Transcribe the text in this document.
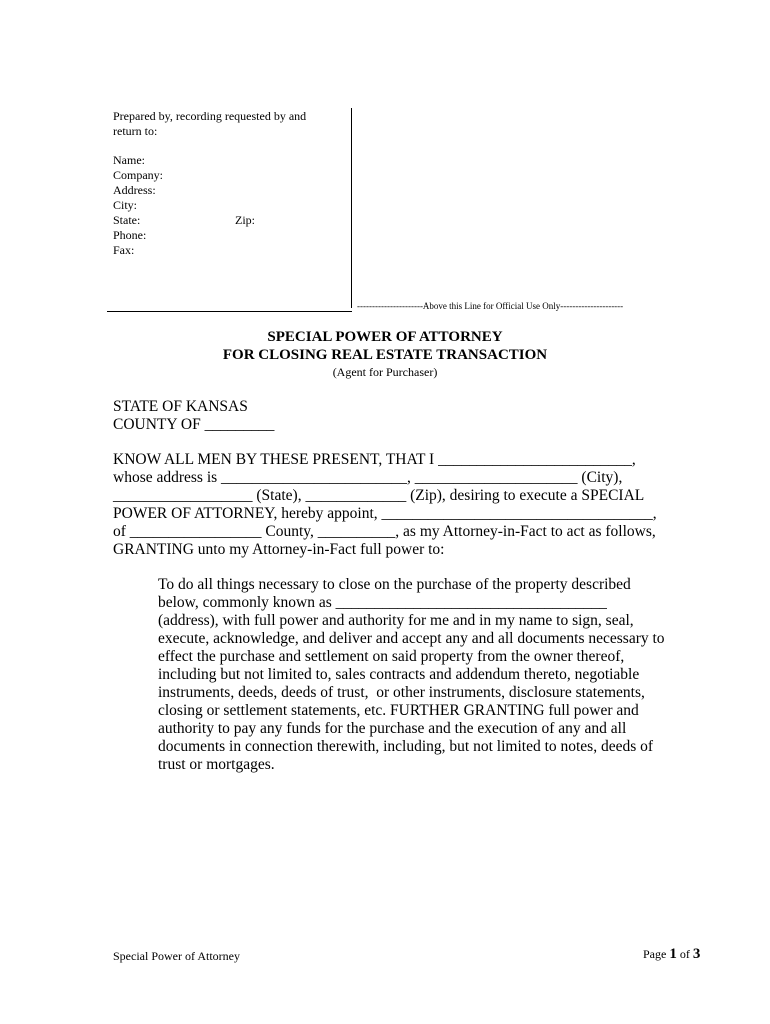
Prepared by, recording requested by and

return to:

Name:

Company:

Address:

City:

State:	Zip:

Phone:

Fax:

----------------------Above this Line for Official Use Only---------------------

SPECIAL POWER OF ATTORNEY

FOR CLOSING REAL ESTATE TRANSACTION

(Agent for Purchaser)

STATE OF KANSAS

COUNTY OF _________

KNOW ALL MEN BY THESE PRESENT, THAT I _________________________,

whose address is ________________________, _____________________ (City),

__________________ (State), _____________ (Zip), desiring to execute a SPECIAL

POWER OF ATTORNEY, hereby appoint, ___________________________________,

of _________________ County, __________, as my Attorney-in-Fact to act as follows,

GRANTING unto my Attorney-in-Fact full power to:

To do all things necessary to close on the purchase of the property described

below, commonly known as ___________________________________

(address), with full power and authority for me and in my name to sign, seal,

execute, acknowledge, and deliver and accept any and all documents necessary to

effect the purchase and settlement on said property from the owner thereof,

including but not limited to, sales contracts and addendum thereto, negotiable

instruments, deeds, deeds of trust,  or other instruments, disclosure statements,

closing or settlement statements, etc. FURTHER GRANTING full power and

authority to pay any funds for the purchase and the execution of any and all

documents in connection therewith, including, but not limited to notes, deeds of

trust or mortgages.

Special Power of Attorney	Page 1 of 3
